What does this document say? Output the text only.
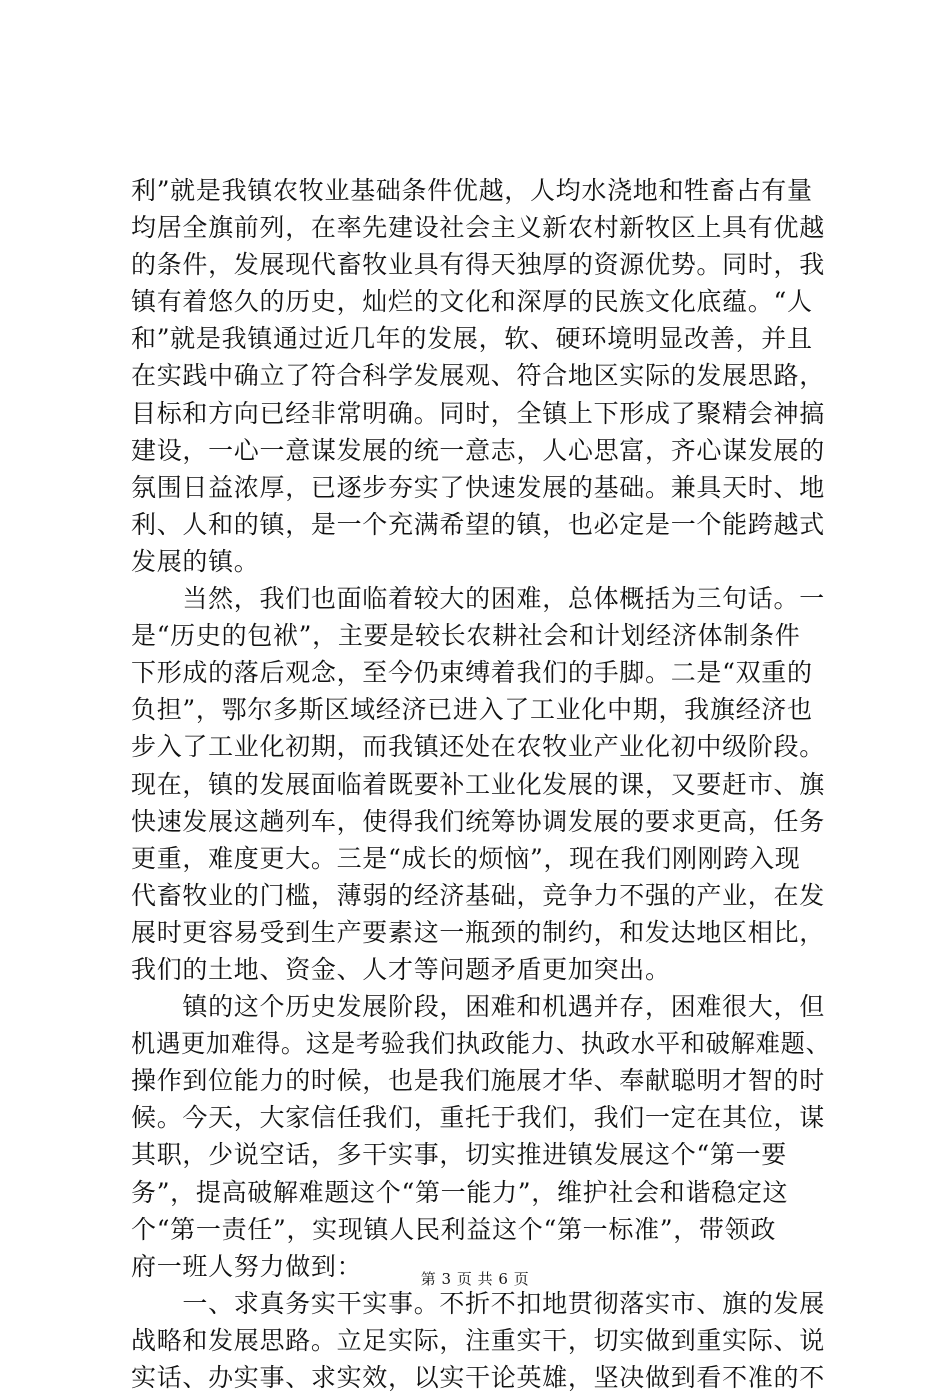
利”就是我镇农牧业基础条件优越，人均水浇地和牲畜占有量
均居全旗前列，在率先建设社会主义新农村新牧区上具有优越
的条件，发展现代畜牧业具有得天独厚的资源优势。同时，我
镇有着悠久的历史，灿烂的文化和深厚的民族文化底蕴。“人
和”就是我镇通过近几年的发展，软、硬环境明显改善，并且
在实践中确立了符合科学发展观、符合地区实际的发展思路，
目标和方向已经非常明确。同时，全镇上下形成了聚精会神搞
建设，一心一意谋发展的统一意志，人心思富，齐心谋发展的
氛围日益浓厚，已逐步夯实了快速发展的基础。兼具天时、地
利、人和的镇，是一个充满希望的镇，也必定是一个能跨越式
发展的镇。
　　当然，我们也面临着较大的困难，总体概括为三句话。一
是“历史的包袱”，主要是较长农耕社会和计划经济体制条件
下形成的落后观念，至今仍束缚着我们的手脚。二是“双重的
负担”，鄂尔多斯区域经济已进入了工业化中期，我旗经济也
步入了工业化初期，而我镇还处在农牧业产业化初中级阶段。
现在，镇的发展面临着既要补工业化发展的课，又要赶市、旗
快速发展这趟列车，使得我们统筹协调发展的要求更高，任务
更重，难度更大。三是“成长的烦恼”，现在我们刚刚跨入现
代畜牧业的门槛，薄弱的经济基础，竞争力不强的产业，在发
展时更容易受到生产要素这一瓶颈的制约，和发达地区相比，
我们的土地、资金、人才等问题矛盾更加突出。
　　镇的这个历史发展阶段，困难和机遇并存，困难很大，但
机遇更加难得。这是考验我们执政能力、执政水平和破解难题、
操作到位能力的时候，也是我们施展才华、奉献聪明才智的时
候。今天，大家信任我们，重托于我们，我们一定在其位，谋
其职，少说空话，多干实事，切实推进镇发展这个“第一要
务”，提高破解难题这个“第一能力”，维护社会和谐稳定这
个“第一责任”，实现镇人民利益这个“第一标准”，带领政
府一班人努力做到：
　　一、求真务实干实事。不折不扣地贯彻落实市、旗的发展
战略和发展思路。立足实际，注重实干，切实做到重实际、说
实话、办实事、求实效，以实干论英雄，坚决做到看不准的不
第 3 页 共 6 页
